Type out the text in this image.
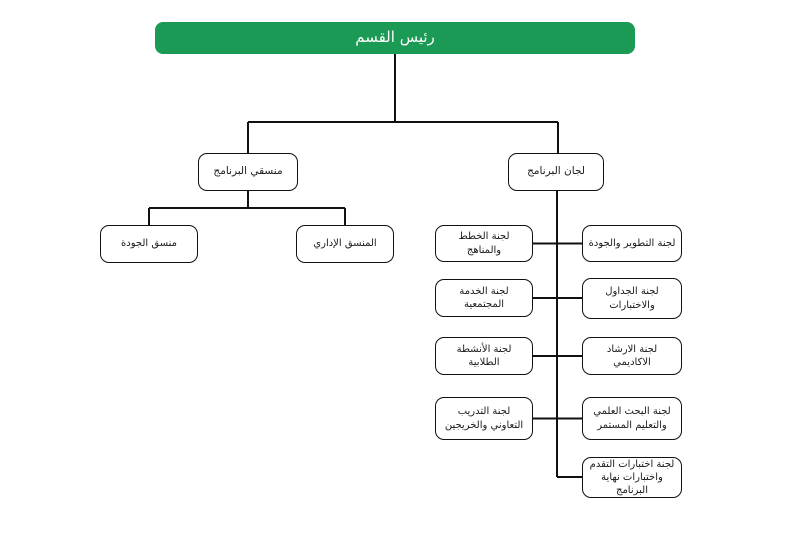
رئيس القسم
منسقي البرنامج	لجان البرنامج
منسق الجودة	المنسق الإداري
لجنة الخطط والمناهج
لجنة الخدمة المجتمعية
لجنة الأنشطة الطلابية
لجنة التدريب التعاوني والخريجين
لجنة التطوير والجودة
لجنة الجداول والاختبارات
لجنة الارشاد الاكاديمي
لجنة البحث العلمي والتعليم المستمر
لجنة اختبارات التقدم واختبارات نهاية البرنامج
